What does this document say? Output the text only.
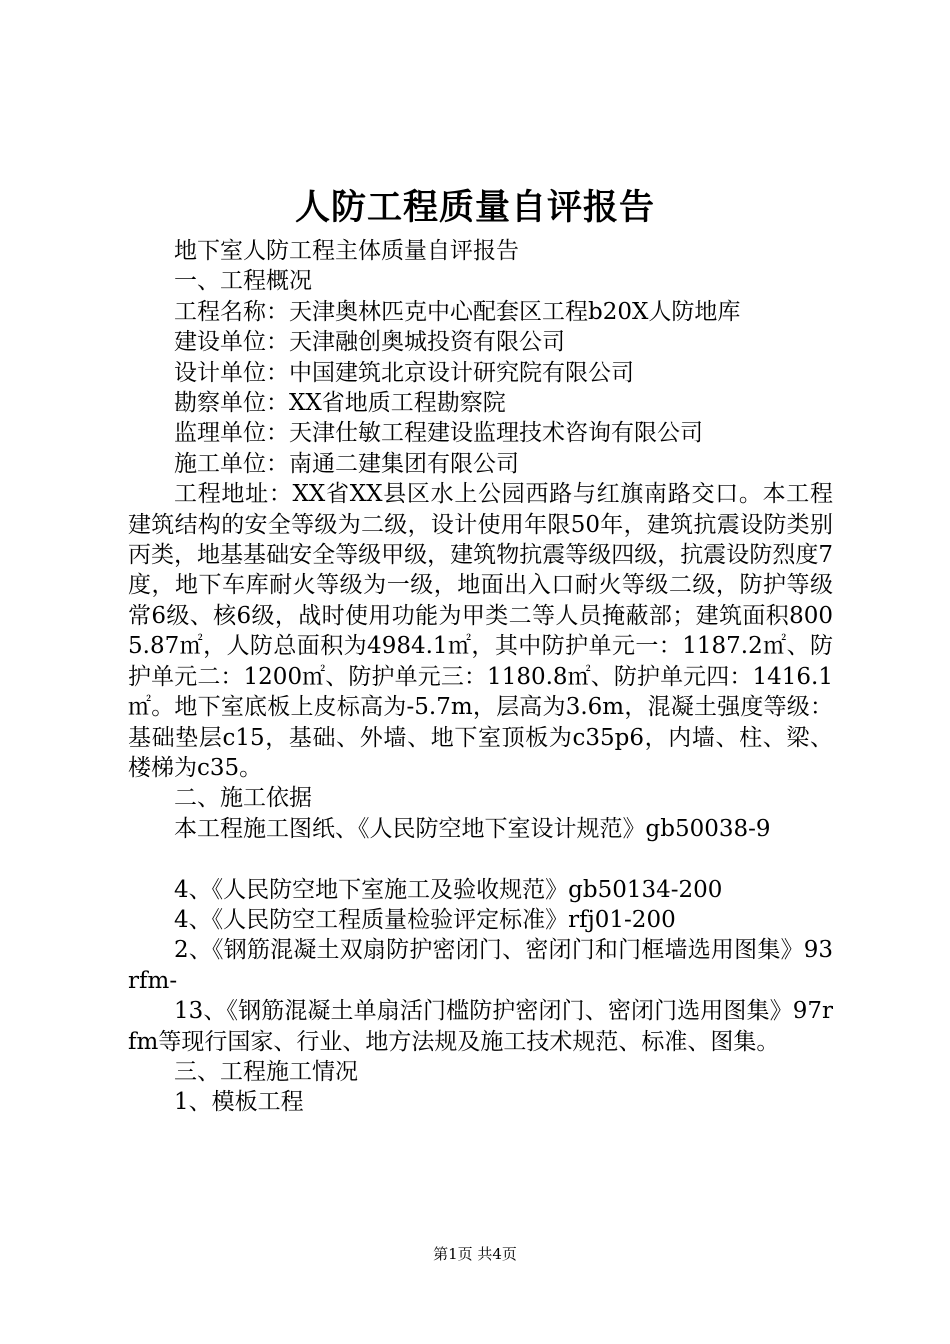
人防工程质量自评报告

地下室人防工程主体质量自评报告

一、工程概况

工程名称：天津奥林匹克中心配套区工程b20X人防地库

建设单位：天津融创奥城投资有限公司

设计单位：中国建筑北京设计研究院有限公司

勘察单位：XX省地质工程勘察院

监理单位：天津仕敏工程建设监理技术咨询有限公司

施工单位：南通二建集团有限公司

工程地址：XX省XX县区水上公园西路与红旗南路交口。本工程建筑结构的安全等级为二级，设计使用年限50年，建筑抗震设防类别丙类，地基基础安全等级甲级，建筑物抗震等级四级，抗震设防烈度7度，地下车库耐火等级为一级，地面出入口耐火等级二级，防护等级常6级、核6级，战时使用功能为甲类二等人员掩蔽部；建筑面积8005.87㎡，人防总面积为4984.1㎡，其中防护单元一：1187.2㎡、防护单元二：1200㎡、防护单元三：1180.8㎡、防护单元四：1416.1㎡。地下室底板上皮标高为-5.7m，层高为3.6m，混凝土强度等级：基础垫层c15，基础、外墙、地下室顶板为c35p6，内墙、柱、梁、楼梯为c35。

二、施工依据

本工程施工图纸、《人民防空地下室设计规范》gb50038-9

4、《人民防空地下室施工及验收规范》gb50134-200

4、《人民防空工程质量检验评定标准》rfj01-200

2、《钢筋混凝土双扇防护密闭门、密闭门和门框墙选用图集》93rfm-

13、《钢筋混凝土单扇活门槛防护密闭门、密闭门选用图集》97rfm等现行国家、行业、地方法规及施工技术规范、标准、图集。

三、工程施工情况

1、模板工程

第1页 共4页
